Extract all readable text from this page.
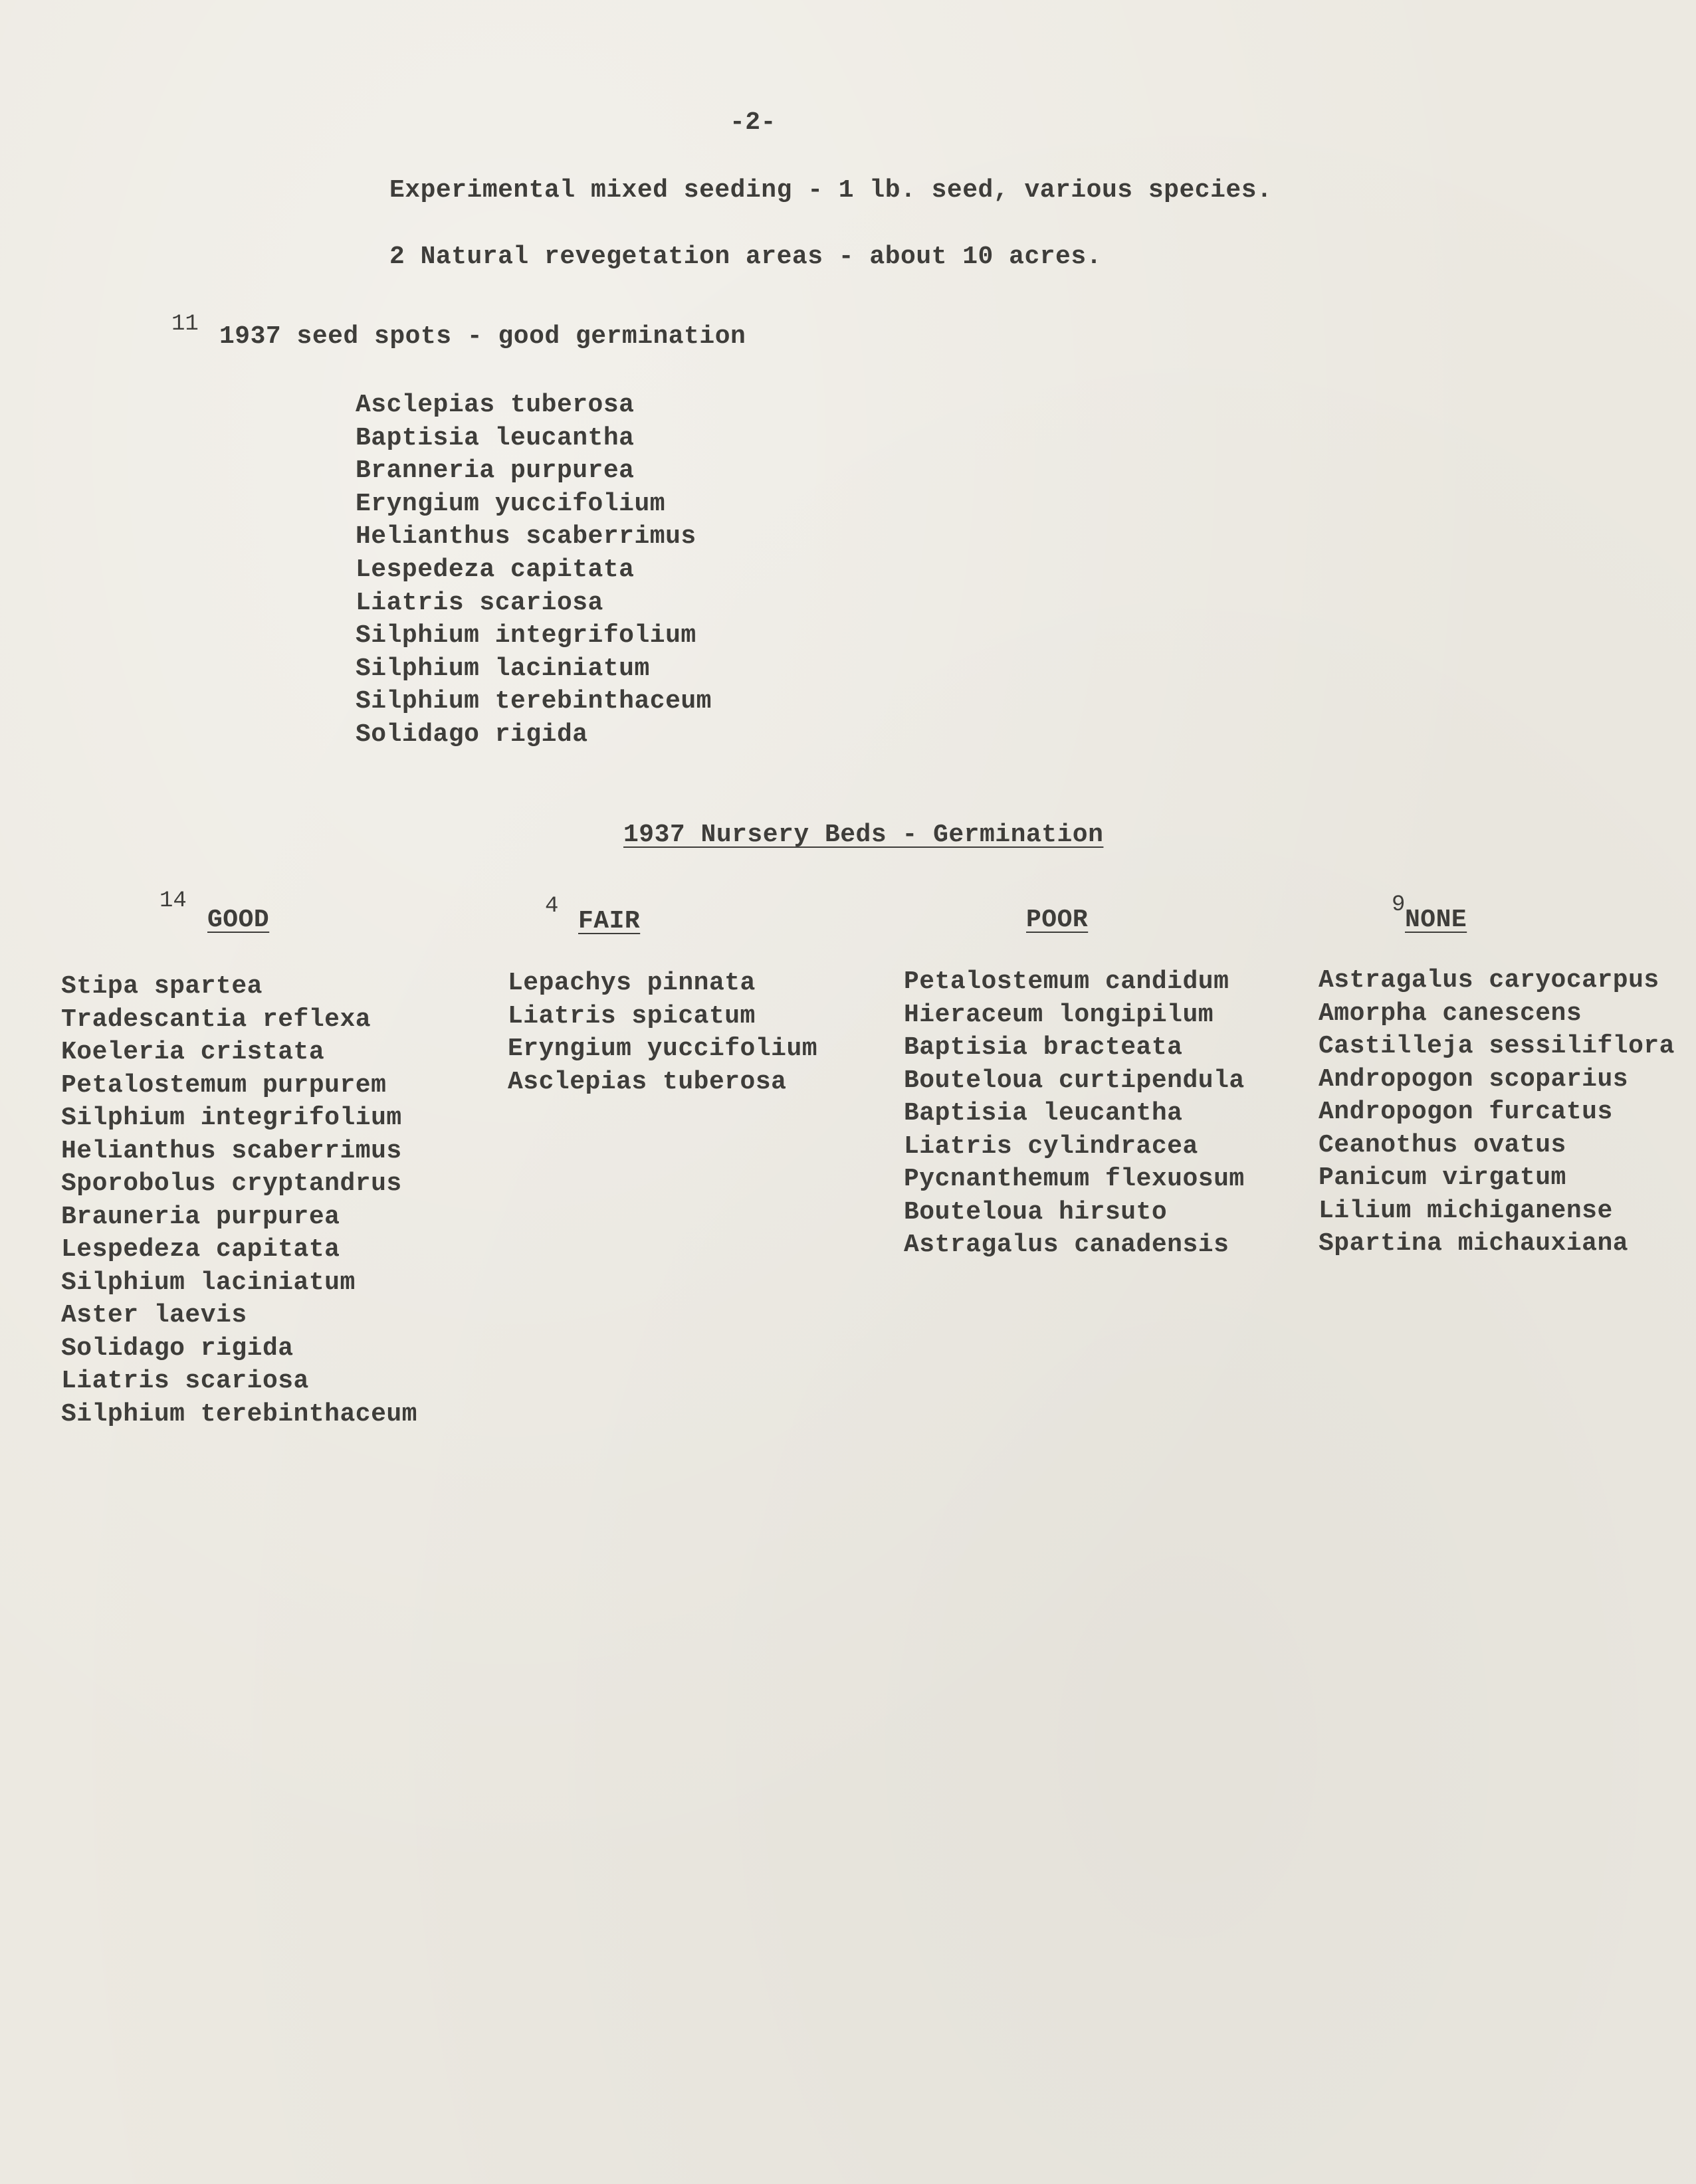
-2-
Experimental mixed seeding - 1 lb. seed, various species.
2 Natural revegetation areas - about 10 acres.
11 1937 seed spots - good germination
Asclepias tuberosa
Baptisia leucantha
Branneria purpurea
Eryngium yuccifolium
Helianthus scaberrimus
Lespedeza capitata
Liatris scariosa
Silphium integrifolium
Silphium laciniatum
Silphium terebinthaceum
Solidago rigida
1937 Nursery Beds - Germination
14
GOOD
Stipa spartea
Tradescantia reflexa
Koeleria cristata
Petalostemum purpurem
Silphium integrifolium
Helianthus scaberrimus
Sporobolus cryptandrus
Brauneria purpurea
Lespedeza capitata
Silphium laciniatum
Aster laevis
Solidago rigida
Liatris scariosa
Silphium terebinthaceum
4
FAIR
Lepachys pinnata
Liatris spicatum
Eryngium yuccifolium
Asclepias tuberosa
POOR
Petalostemum candidum
Hieraceum longipilum
Baptisia bracteata
Bouteloua curtipendula
Baptisia leucantha
Liatris cylindracea
Pycnanthemum flexuosum
Bouteloua hirsuto
Astragalus canadensis
9
NONE
Astragalus caryocarpus
Amorpha canescens
Castilleja sessiliflora
Andropogon scoparius
Andropogon furcatus
Ceanothus ovatus
Panicum virgatum
Lilium michiganense
Spartina michauxiana
